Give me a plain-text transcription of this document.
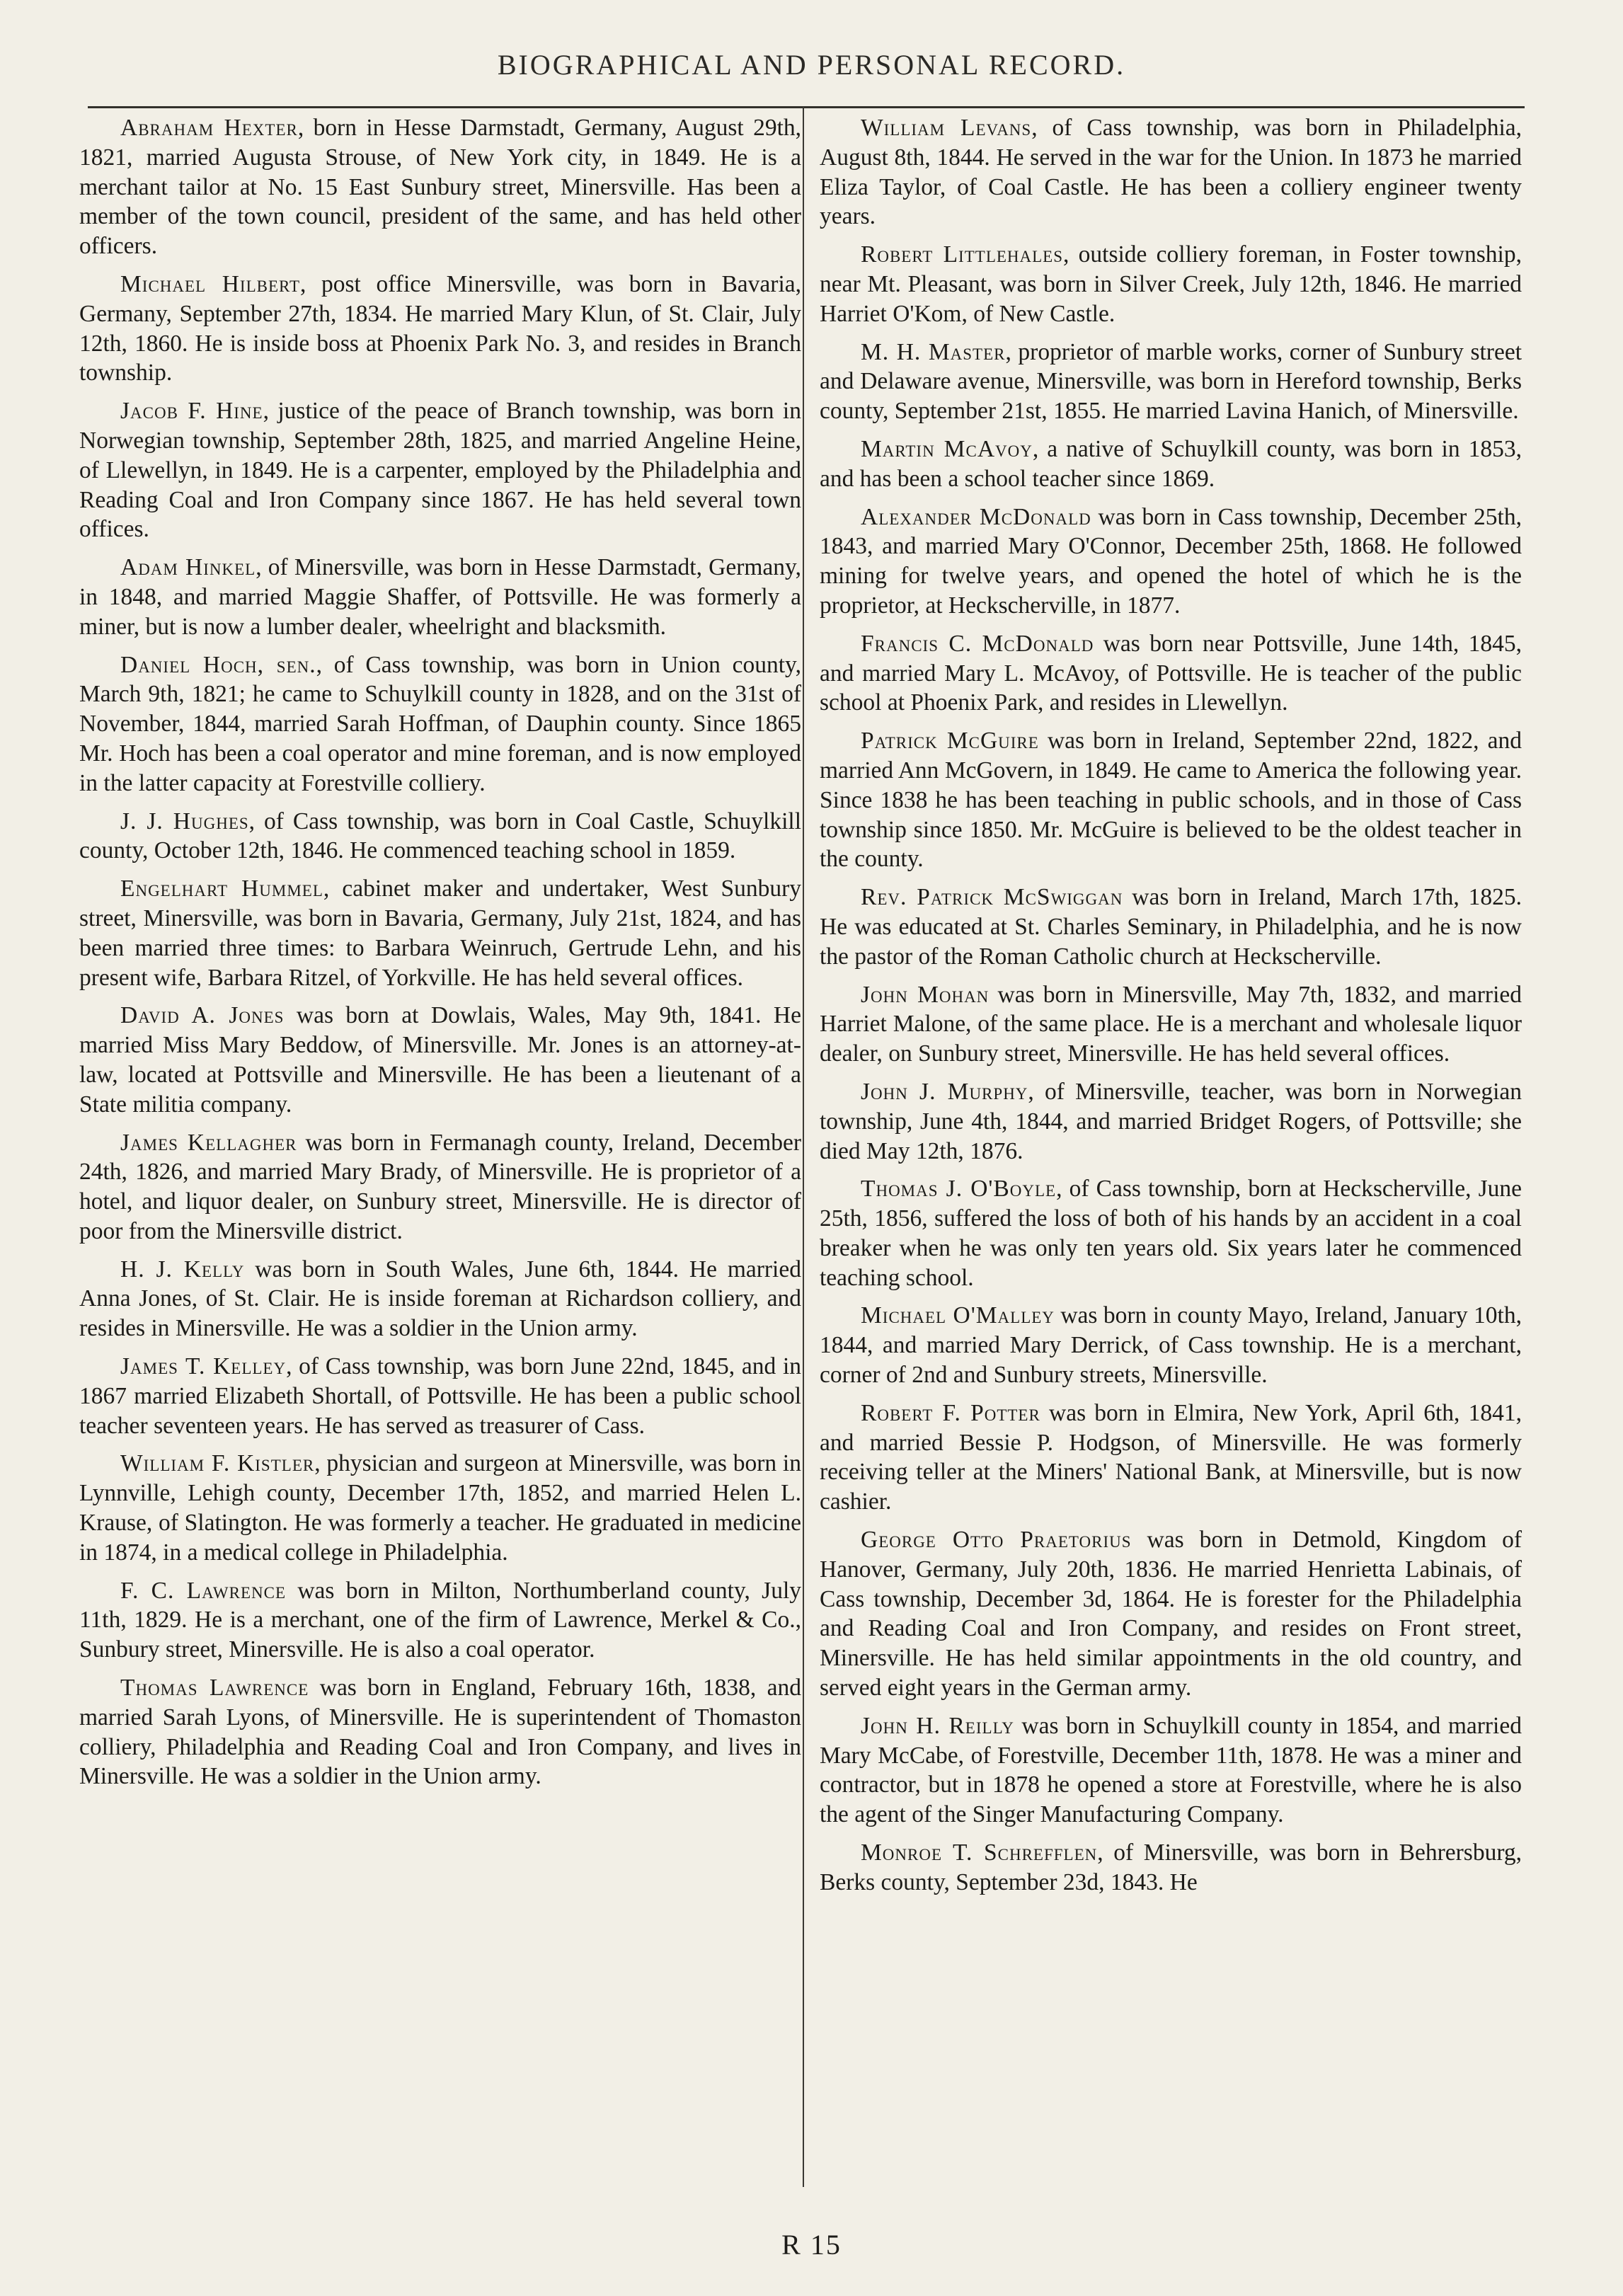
BIOGRAPHICAL AND PERSONAL RECORD.

Abraham Hexter, born in Hesse Darmstadt, Germany, August 29th, 1821, married Augusta Strouse, of New York city, in 1849. He is a merchant tailor at No. 15 East Sunbury street, Minersville. Has been a member of the town council, president of the same, and has held other officers.

Michael Hilbert, post office Minersville, was born in Bavaria, Germany, September 27th, 1834. He married Mary Klun, of St. Clair, July 12th, 1860. He is inside boss at Phoenix Park No. 3, and resides in Branch township.

Jacob F. Hine, justice of the peace of Branch township, was born in Norwegian township, September 28th, 1825, and married Angeline Heine, of Llewellyn, in 1849. He is a carpenter, employed by the Philadelphia and Reading Coal and Iron Company since 1867. He has held several town offices.

Adam Hinkel, of Minersville, was born in Hesse Darmstadt, Germany, in 1848, and married Maggie Shaffer, of Pottsville. He was formerly a miner, but is now a lumber dealer, wheelright and blacksmith.

Daniel Hoch, sen., of Cass township, was born in Union county, March 9th, 1821; he came to Schuylkill county in 1828, and on the 31st of November, 1844, married Sarah Hoffman, of Dauphin county. Since 1865 Mr. Hoch has been a coal operator and mine foreman, and is now employed in the latter capacity at Forestville colliery.

J. J. Hughes, of Cass township, was born in Coal Castle, Schuylkill county, October 12th, 1846. He commenced teaching school in 1859.

Engelhart Hummel, cabinet maker and undertaker, West Sunbury street, Minersville, was born in Bavaria, Germany, July 21st, 1824, and has been married three times: to Barbara Weinruch, Gertrude Lehn, and his present wife, Barbara Ritzel, of Yorkville. He has held several offices.

David A. Jones was born at Dowlais, Wales, May 9th, 1841. He married Miss Mary Beddow, of Minersville. Mr. Jones is an attorney-at-law, located at Pottsville and Minersville. He has been a lieutenant of a State militia company.

James Kellagher was born in Fermanagh county, Ireland, December 24th, 1826, and married Mary Brady, of Minersville. He is proprietor of a hotel, and liquor dealer, on Sunbury street, Minersville. He is director of poor from the Minersville district.

H. J. Kelly was born in South Wales, June 6th, 1844. He married Anna Jones, of St. Clair. He is inside foreman at Richardson colliery, and resides in Minersville. He was a soldier in the Union army.

James T. Kelley, of Cass township, was born June 22nd, 1845, and in 1867 married Elizabeth Shortall, of Pottsville. He has been a public school teacher seventeen years. He has served as treasurer of Cass.

William F. Kistler, physician and surgeon at Minersville, was born in Lynnville, Lehigh county, December 17th, 1852, and married Helen L. Krause, of Slatington. He was formerly a teacher. He graduated in medicine in 1874, in a medical college in Philadelphia.

F. C. Lawrence was born in Milton, Northumberland county, July 11th, 1829. He is a merchant, one of the firm of Lawrence, Merkel & Co., Sunbury street, Minersville. He is also a coal operator.

Thomas Lawrence was born in England, February 16th, 1838, and married Sarah Lyons, of Minersville. He is superintendent of Thomaston colliery, Philadelphia and Reading Coal and Iron Company, and lives in Minersville. He was a soldier in the Union army.

William Levans, of Cass township, was born in Philadelphia, August 8th, 1844. He served in the war for the Union. In 1873 he married Eliza Taylor, of Coal Castle. He has been a colliery engineer twenty years.

Robert Littlehales, outside colliery foreman, in Foster township, near Mt. Pleasant, was born in Silver Creek, July 12th, 1846. He married Harriet O'Kom, of New Castle.

M. H. Master, proprietor of marble works, corner of Sunbury street and Delaware avenue, Minersville, was born in Hereford township, Berks county, September 21st, 1855. He married Lavina Hanich, of Minersville.

Martin McAvoy, a native of Schuylkill county, was born in 1853, and has been a school teacher since 1869.

Alexander McDonald was born in Cass township, December 25th, 1843, and married Mary O'Connor, December 25th, 1868. He followed mining for twelve years, and opened the hotel of which he is the proprietor, at Heckscherville, in 1877.

Francis C. McDonald was born near Pottsville, June 14th, 1845, and married Mary L. McAvoy, of Pottsville. He is teacher of the public school at Phoenix Park, and resides in Llewellyn.

Patrick McGuire was born in Ireland, September 22nd, 1822, and married Ann McGovern, in 1849. He came to America the following year. Since 1838 he has been teaching in public schools, and in those of Cass township since 1850. Mr. McGuire is believed to be the oldest teacher in the county.

Rev. Patrick McSwiggan was born in Ireland, March 17th, 1825. He was educated at St. Charles Seminary, in Philadelphia, and he is now the pastor of the Roman Catholic church at Heckscherville.

John Mohan was born in Minersville, May 7th, 1832, and married Harriet Malone, of the same place. He is a merchant and wholesale liquor dealer, on Sunbury street, Minersville. He has held several offices.

John J. Murphy, of Minersville, teacher, was born in Norwegian township, June 4th, 1844, and married Bridget Rogers, of Pottsville; she died May 12th, 1876.

Thomas J. O'Boyle, of Cass township, born at Heckscherville, June 25th, 1856, suffered the loss of both of his hands by an accident in a coal breaker when he was only ten years old. Six years later he commenced teaching school.

Michael O'Malley was born in county Mayo, Ireland, January 10th, 1844, and married Mary Derrick, of Cass township. He is a merchant, corner of 2nd and Sunbury streets, Minersville.

Robert F. Potter was born in Elmira, New York, April 6th, 1841, and married Bessie P. Hodgson, of Minersville. He was formerly receiving teller at the Miners' National Bank, at Minersville, but is now cashier.

George Otto Praetorius was born in Detmold, Kingdom of Hanover, Germany, July 20th, 1836. He married Henrietta Labinais, of Cass township, December 3d, 1864. He is forester for the Philadelphia and Reading Coal and Iron Company, and resides on Front street, Minersville. He has held similar appointments in the old country, and served eight years in the German army.

John H. Reilly was born in Schuylkill county in 1854, and married Mary McCabe, of Forestville, December 11th, 1878. He was a miner and contractor, but in 1878 he opened a store at Forestville, where he is also the agent of the Singer Manufacturing Company.

Monroe T. Schrefflen, of Minersville, was born in Behrersburg, Berks county, September 23d, 1843. He

R 15
